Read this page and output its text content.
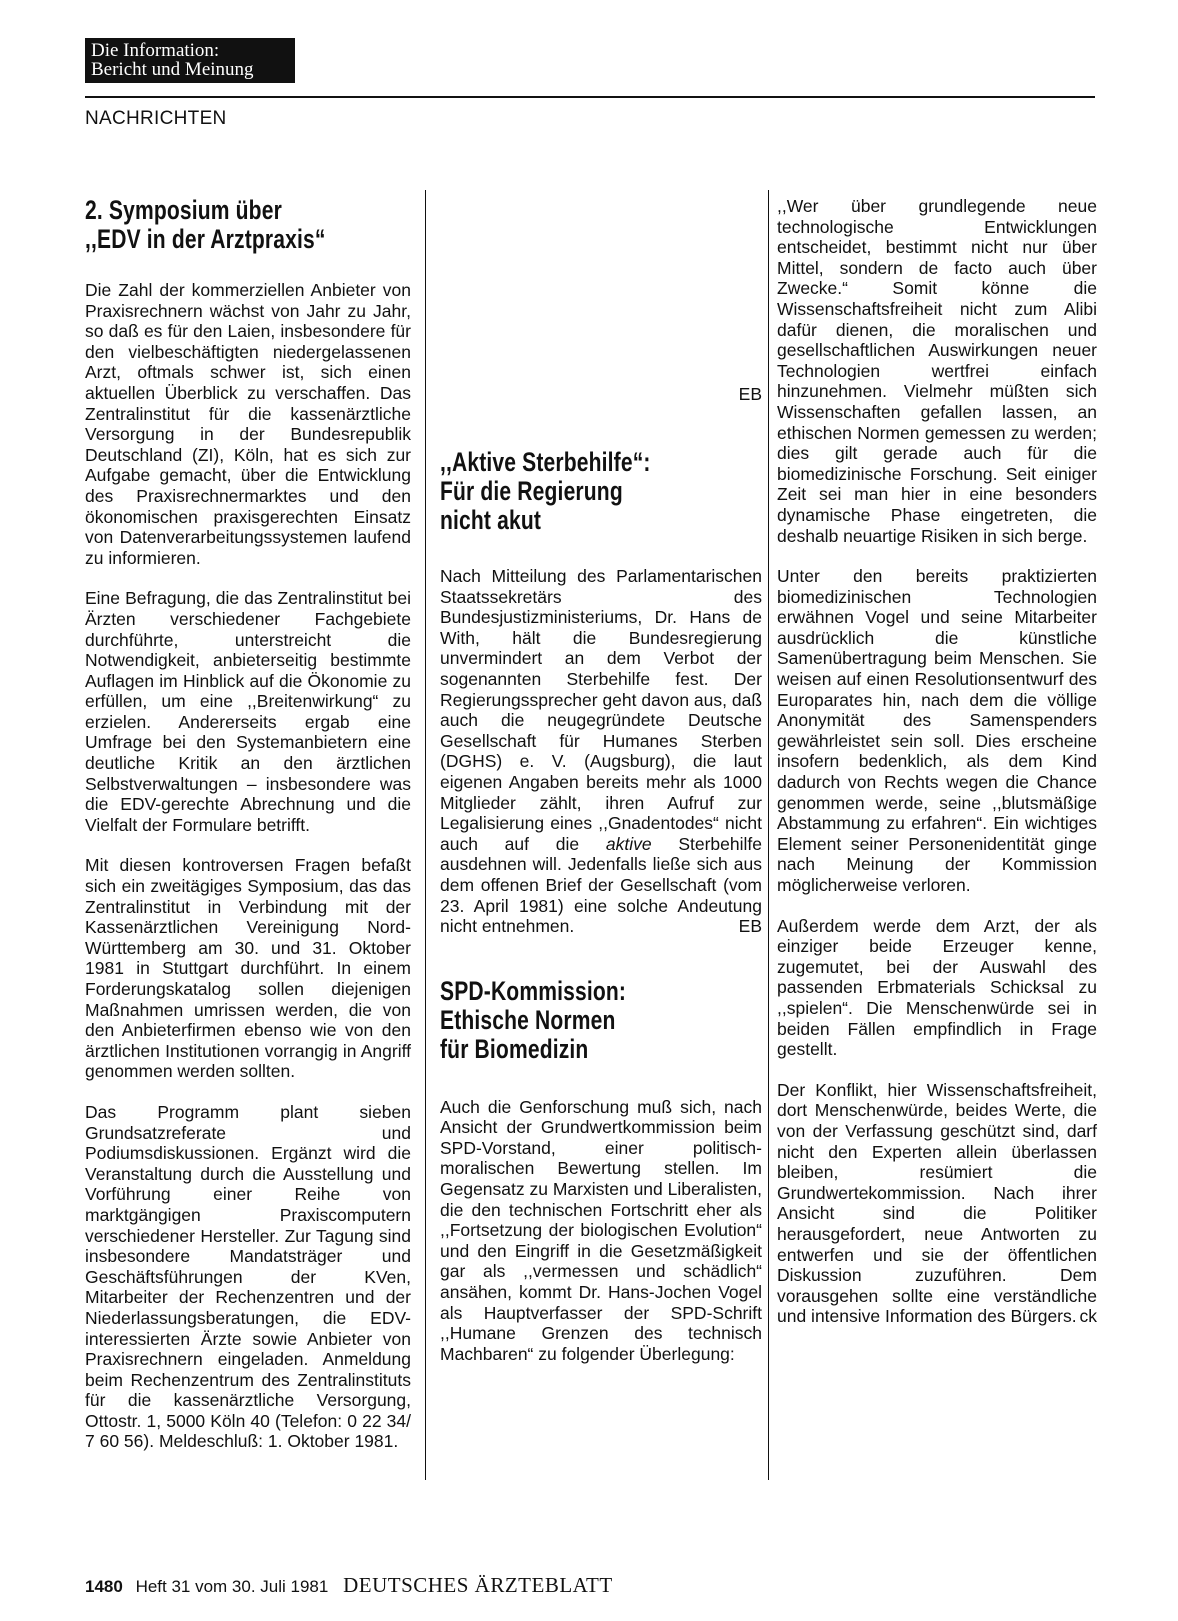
Die Information:
Bericht und Meinung
NACHRICHTEN
2. Symposium über
,,EDV in der Arztpraxis“

Die Zahl der kommerziellen Anbieter von Praxisrechnern wächst von Jahr zu Jahr, so daß es für den Laien, insbesondere für den vielbeschäftigten niedergelassenen Arzt, oftmals schwer ist, sich einen aktuellen Überblick zu verschaffen. Das Zentralinstitut für die kassenärztliche Versorgung in der Bundesrepublik Deutschland (ZI), Köln, hat es sich zur Aufgabe gemacht, über die Entwicklung des Praxisrechnermarktes und den ökonomischen praxisgerechten Einsatz von Datenverarbeitungssystemen laufend zu informieren.

Eine Befragung, die das Zentralinstitut bei Ärzten verschiedener Fachgebiete durchführte, unterstreicht die Notwendigkeit, anbieterseitig bestimmte Auflagen im Hinblick auf die Ökonomie zu erfüllen, um eine ,,Breitenwirkung“ zu erzielen. Andererseits ergab eine Umfrage bei den Systemanbietern eine deutliche Kritik an den ärztlichen Selbstverwaltungen – insbesondere was die EDV-gerechte Abrechnung und die Vielfalt der Formulare betrifft.

Mit diesen kontroversen Fragen befaßt sich ein zweitägiges Symposium, das das Zentralinstitut in Verbindung mit der Kassenärztlichen Vereinigung Nord-Württemberg am 30. und 31. Oktober 1981 in Stuttgart durchführt. In einem Forderungskatalog sollen diejenigen Maßnahmen umrissen werden, die von den Anbieterfirmen ebenso wie von den ärztlichen Institutionen vorrangig in Angriff genommen werden sollten.

Das Programm plant sieben Grundsatzreferate und Podiumsdiskussionen. Ergänzt wird die Veranstaltung durch die Ausstellung und Vorführung einer Reihe von marktgängigen Praxiscomputern verschiedener Hersteller. Zur Tagung sind insbesondere Mandatsträger und Geschäftsführungen der KVen, Mitarbeiter der Rechenzentren und der Niederlassungsberatungen, die EDV-interessierten Ärzte sowie Anbieter von Praxisrechnern eingeladen. Anmeldung beim Rechenzentrum des Zentralinstituts für die kassenärztliche Versorgung, Ottostr. 1, 5000 Köln 40 (Telefon: 0 22 34/ 7 60 56). Meldeschluß: 1. Oktober 1981.

EB
,,Aktive Sterbehilfe“:
Für die Regierung
nicht akut

Nach Mitteilung des Parlamentarischen Staatssekretärs des Bundesjustizministeriums, Dr. Hans de With, hält die Bundesregierung unvermindert an dem Verbot der sogenannten Sterbehilfe fest. Der Regierungssprecher geht davon aus, daß auch die neugegründete Deutsche Gesellschaft für Humanes Sterben (DGHS) e. V. (Augsburg), die laut eigenen Angaben bereits mehr als 1000 Mitglieder zählt, ihren Aufruf zur Legalisierung eines ,,Gnadentodes“ nicht auch auf die aktive Sterbehilfe ausdehnen will. Jedenfalls ließe sich aus dem offenen Brief der Gesellschaft (vom 23. April 1981) eine solche Andeutung nicht entnehmen.	EB

SPD-Kommission:
Ethische Normen
für Biomedizin

Auch die Genforschung muß sich, nach Ansicht der Grundwertkommission beim SPD-Vorstand, einer politisch-moralischen Bewertung stellen. Im Gegensatz zu Marxisten und Liberalisten, die den technischen Fortschritt eher als ,,Fortsetzung der biologischen Evolution“ und den Eingriff in die Gesetzmäßigkeit gar als ,,vermessen und schädlich“ ansähen, kommt Dr. Hans-Jochen Vogel als Hauptverfasser der SPD-Schrift ,,Humane Grenzen des technisch Machbaren“ zu folgender Überlegung:

,,Wer über grundlegende neue technologische Entwicklungen entscheidet, bestimmt nicht nur über Mittel, sondern de facto auch über Zwecke.“ Somit könne die Wissenschaftsfreiheit nicht zum Alibi dafür dienen, die moralischen und gesellschaftlichen Auswirkungen neuer Technologien wertfrei einfach hinzunehmen. Vielmehr müßten sich Wissenschaften gefallen lassen, an ethischen Normen gemessen zu werden; dies gilt gerade auch für die biomedizinische Forschung. Seit einiger Zeit sei man hier in eine besonders dynamische Phase eingetreten, die deshalb neuartige Risiken in sich berge.

Unter den bereits praktizierten biomedizinischen Technologien erwähnen Vogel und seine Mitarbeiter ausdrücklich die künstliche Samenübertragung beim Menschen. Sie weisen auf einen Resolutionsentwurf des Europarates hin, nach dem die völlige Anonymität des Samenspenders gewährleistet sein soll. Dies erscheine insofern bedenklich, als dem Kind dadurch von Rechts wegen die Chance genommen werde, seine ,,blutsmäßige Abstammung zu erfahren“. Ein wichtiges Element seiner Personenidentität ginge nach Meinung der Kommission möglicherweise verloren.

Außerdem werde dem Arzt, der als einziger beide Erzeuger kenne, zugemutet, bei der Auswahl des passenden Erbmaterials Schicksal zu ,,spielen“. Die Menschenwürde sei in beiden Fällen empfindlich in Frage gestellt.

Der Konflikt, hier Wissenschaftsfreiheit, dort Menschenwürde, beides Werte, die von der Verfassung geschützt sind, darf nicht den Experten allein überlassen bleiben, resümiert die Grundwertekommission. Nach ihrer Ansicht sind die Politiker herausgefordert, neue Antworten zu entwerfen und sie der öffentlichen Diskussion zuzuführen. Dem vorausgehen sollte eine verständliche und intensive Information des Bürgers. ck

1480 Heft 31 vom 30. Juli 1981 DEUTSCHES ÄRZTEBLATT
